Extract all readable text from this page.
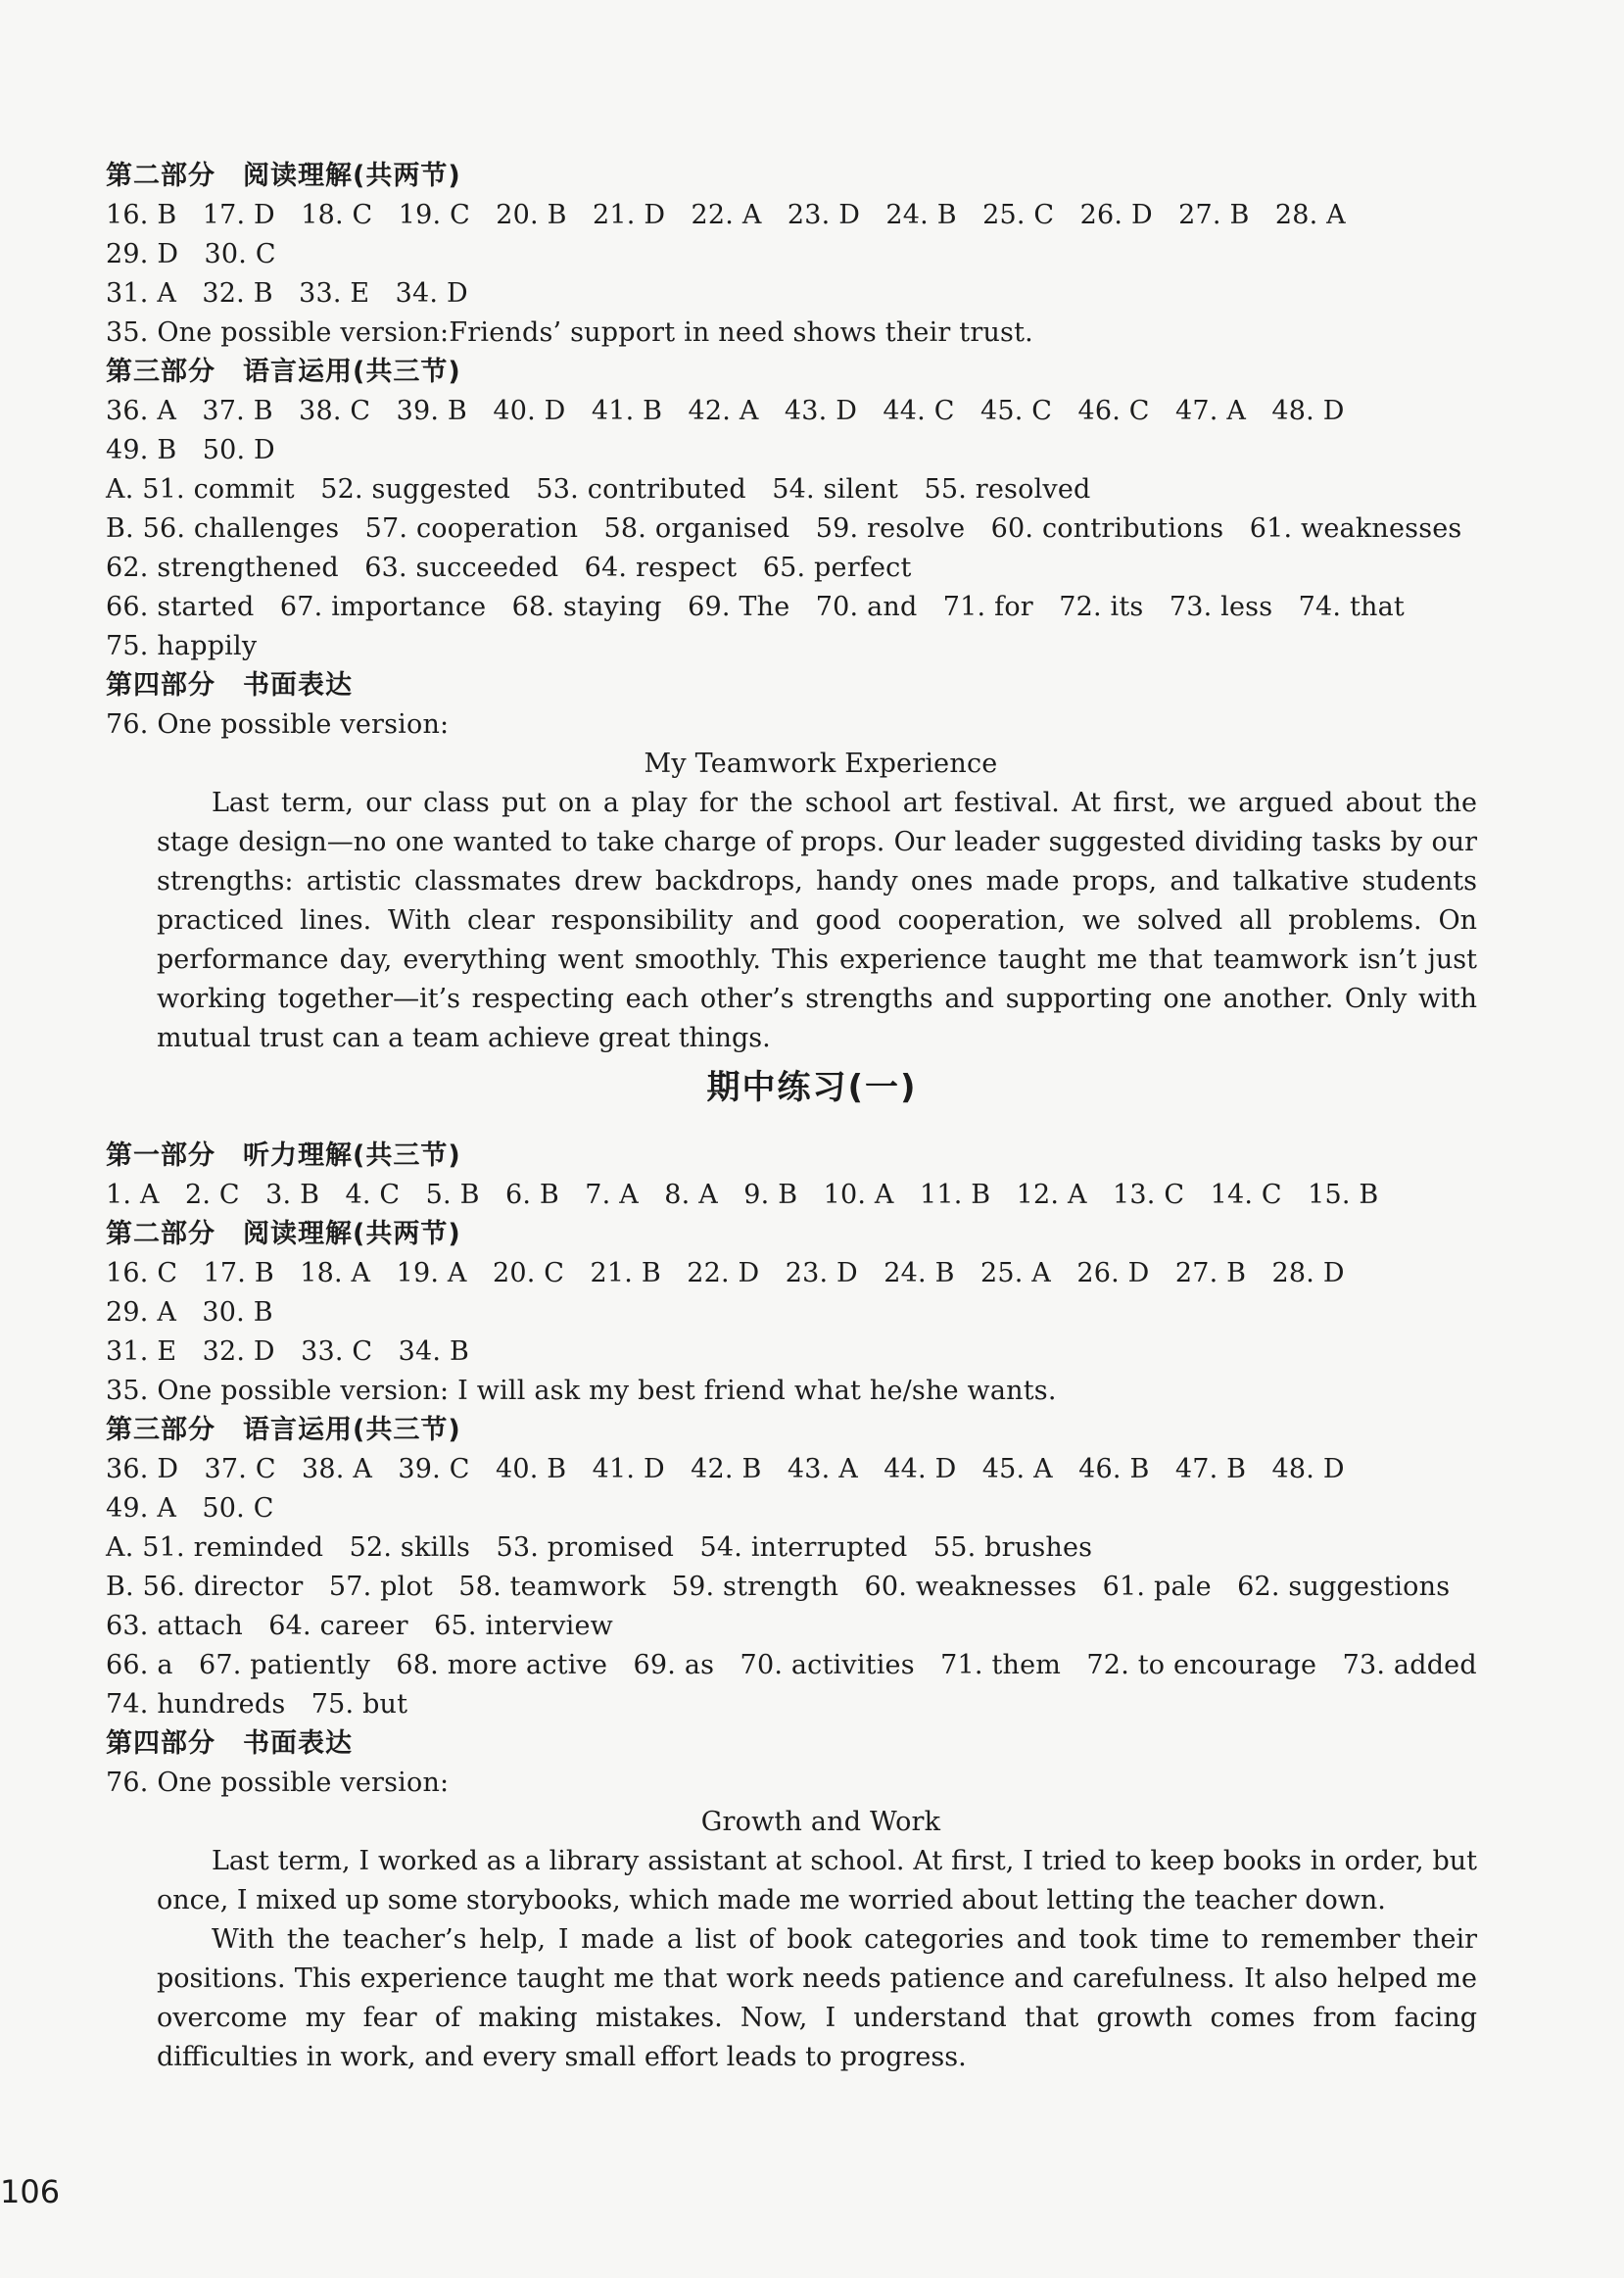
第二部分　阅读理解(共两节)
16. B   17. D   18. C   19. C   20. B   21. D   22. A   23. D   24. B   25. C   26. D   27. B   28. A
29. D   30. C
31. A   32. B   33. E   34. D
35. One possible version:Friends’ support in need shows their trust.
第三部分　语言运用(共三节)
36. A   37. B   38. C   39. B   40. D   41. B   42. A   43. D   44. C   45. C   46. C   47. A   48. D
49. B   50. D
A. 51. commit   52. suggested   53. contributed   54. silent   55. resolved
B. 56. challenges   57. cooperation   58. organised   59. resolve   60. contributions   61. weaknesses
62. strengthened   63. succeeded   64. respect   65. perfect
66. started   67. importance   68. staying   69. The   70. and   71. for   72. its   73. less   74. that
75. happily
第四部分　书面表达
76. One possible version:
My Teamwork Experience

Last term, our class put on a play for the school art festival. At first, we argued about the stage design—no one wanted to take charge of props. Our leader suggested dividing tasks by our strengths: artistic classmates drew backdrops, handy ones made props, and talkative students practiced lines. With clear responsibility and good cooperation, we solved all problems. On performance day, everything went smoothly. This experience taught me that teamwork isn’t just working together—it’s respecting each other’s strengths and supporting one another. Only with mutual trust can a team achieve great things.

期中练习(一)
第一部分　听力理解(共三节)
1. A   2. C   3. B   4. C   5. B   6. B   7. A   8. A   9. B   10. A   11. B   12. A   13. C   14. C   15. B
第二部分　阅读理解(共两节)
16. C   17. B   18. A   19. A   20. C   21. B   22. D   23. D   24. B   25. A   26. D   27. B   28. D
29. A   30. B
31. E   32. D   33. C   34. B
35. One possible version: I will ask my best friend what he/she wants.
第三部分　语言运用(共三节)
36. D   37. C   38. A   39. C   40. B   41. D   42. B   43. A   44. D   45. A   46. B   47. B   48. D
49. A   50. C
A. 51. reminded   52. skills   53. promised   54. interrupted   55. brushes
B. 56. director   57. plot   58. teamwork   59. strength   60. weaknesses   61. pale   62. suggestions
63. attach   64. career   65. interview
66. a   67. patiently   68. more active   69. as   70. activities   71. them   72. to encourage   73. added
74. hundreds   75. but
第四部分　书面表达
76. One possible version:
Growth and Work

Last term, I worked as a library assistant at school. At first, I tried to keep books in order, but once, I mixed up some storybooks, which made me worried about letting the teacher down.

With the teacher’s help, I made a list of book categories and took time to remember their positions. This experience taught me that work needs patience and carefulness. It also helped me overcome my fear of making mistakes. Now, I understand that growth comes from facing difficulties in work, and every small effort leads to progress.

106
